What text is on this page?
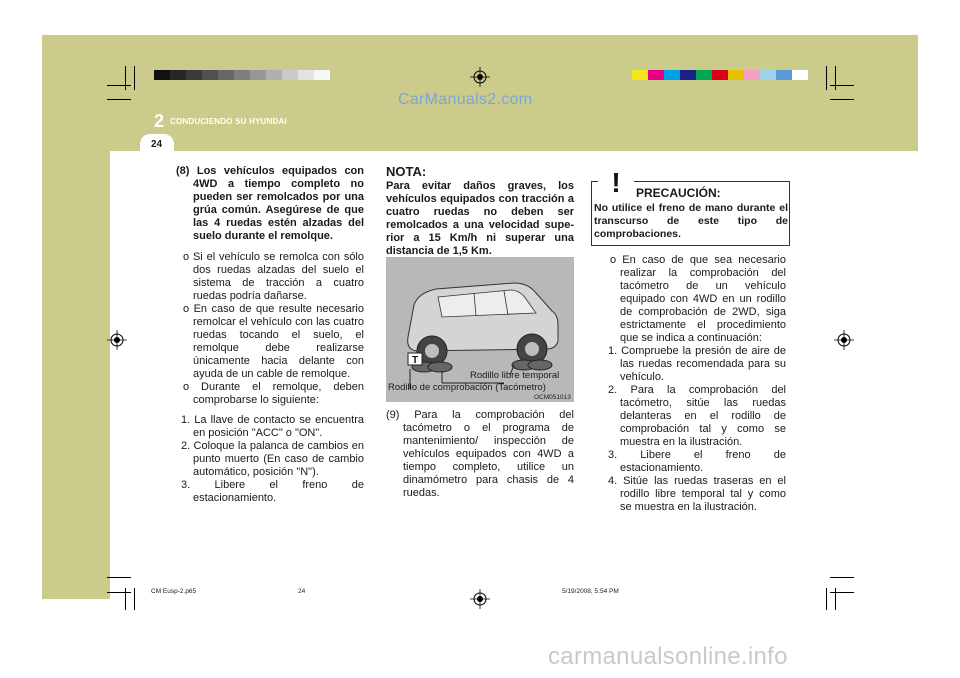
CarManuals2.com
2 CONDUCIENDO SU HYUNDAI
24

(8) Los vehículos equipados con 4WD a tiempo completo no pueden ser remolcados por una grúa común. Asegúrese de que las 4 ruedas estén alzadas del suelo durante el remolque.

o Si el vehículo se remolca con sólo dos ruedas alzadas del suelo el sistema de tracción a cuatro ruedas podría dañarse.

o En caso de que resulte necesario remolcar el vehículo con las cuatro ruedas tocando el suelo, el remolque debe realizarse únicamente hacia delante con ayuda de un cable de remolque.

o Durante el remolque, deben comprobarse lo siguiente:

1. La llave de contacto se encuentra en posición "ACC" o "ON".

2. Coloque la palanca de cambios en punto muerto (En caso de cambio automático, posición "N").

3. Libere el freno de estacionamiento.

NOTA:

Para evitar daños graves, los vehículos equipados con tracción a cuatro ruedas no deben ser remolcados a una velocidad supe- rior a 15 Km/h ni superar una distancia de 1,5 Km.

T
Rodillo libre temporal
Rodillo de comprobación (Tacómetro)
OCM051013

(9) Para la comprobación del tacómetro o el programa de mantenimiento/ inspección de vehículos equipados con 4WD a tiempo completo, utilice un dinamómetro para chasis de 4 ruedas.

! PRECAUCIÓN:
No utilice el freno de mano durante el transcurso de este tipo de comprobaciones.

o En caso de que sea necesario realizar la comprobación del tacómetro de un vehículo equipado con 4WD en un rodillo de comprobación de 2WD, siga estrictamente el procedimiento que se indica a continuación:

1. Compruebe la presión de aire de las ruedas recomendada para su vehículo.

2. Para la comprobación del tacómetro, sitúe las ruedas delanteras en el rodillo de comprobación tal y como se muestra en la ilustración.

3. Libere el freno de estacionamiento.

4. Sitúe las ruedas traseras en el rodillo libre temporal tal y como se muestra en la ilustración.

CM Eusp-2.p65	24	5/19/2008, 5:54 PM
carmanualsonline.info
